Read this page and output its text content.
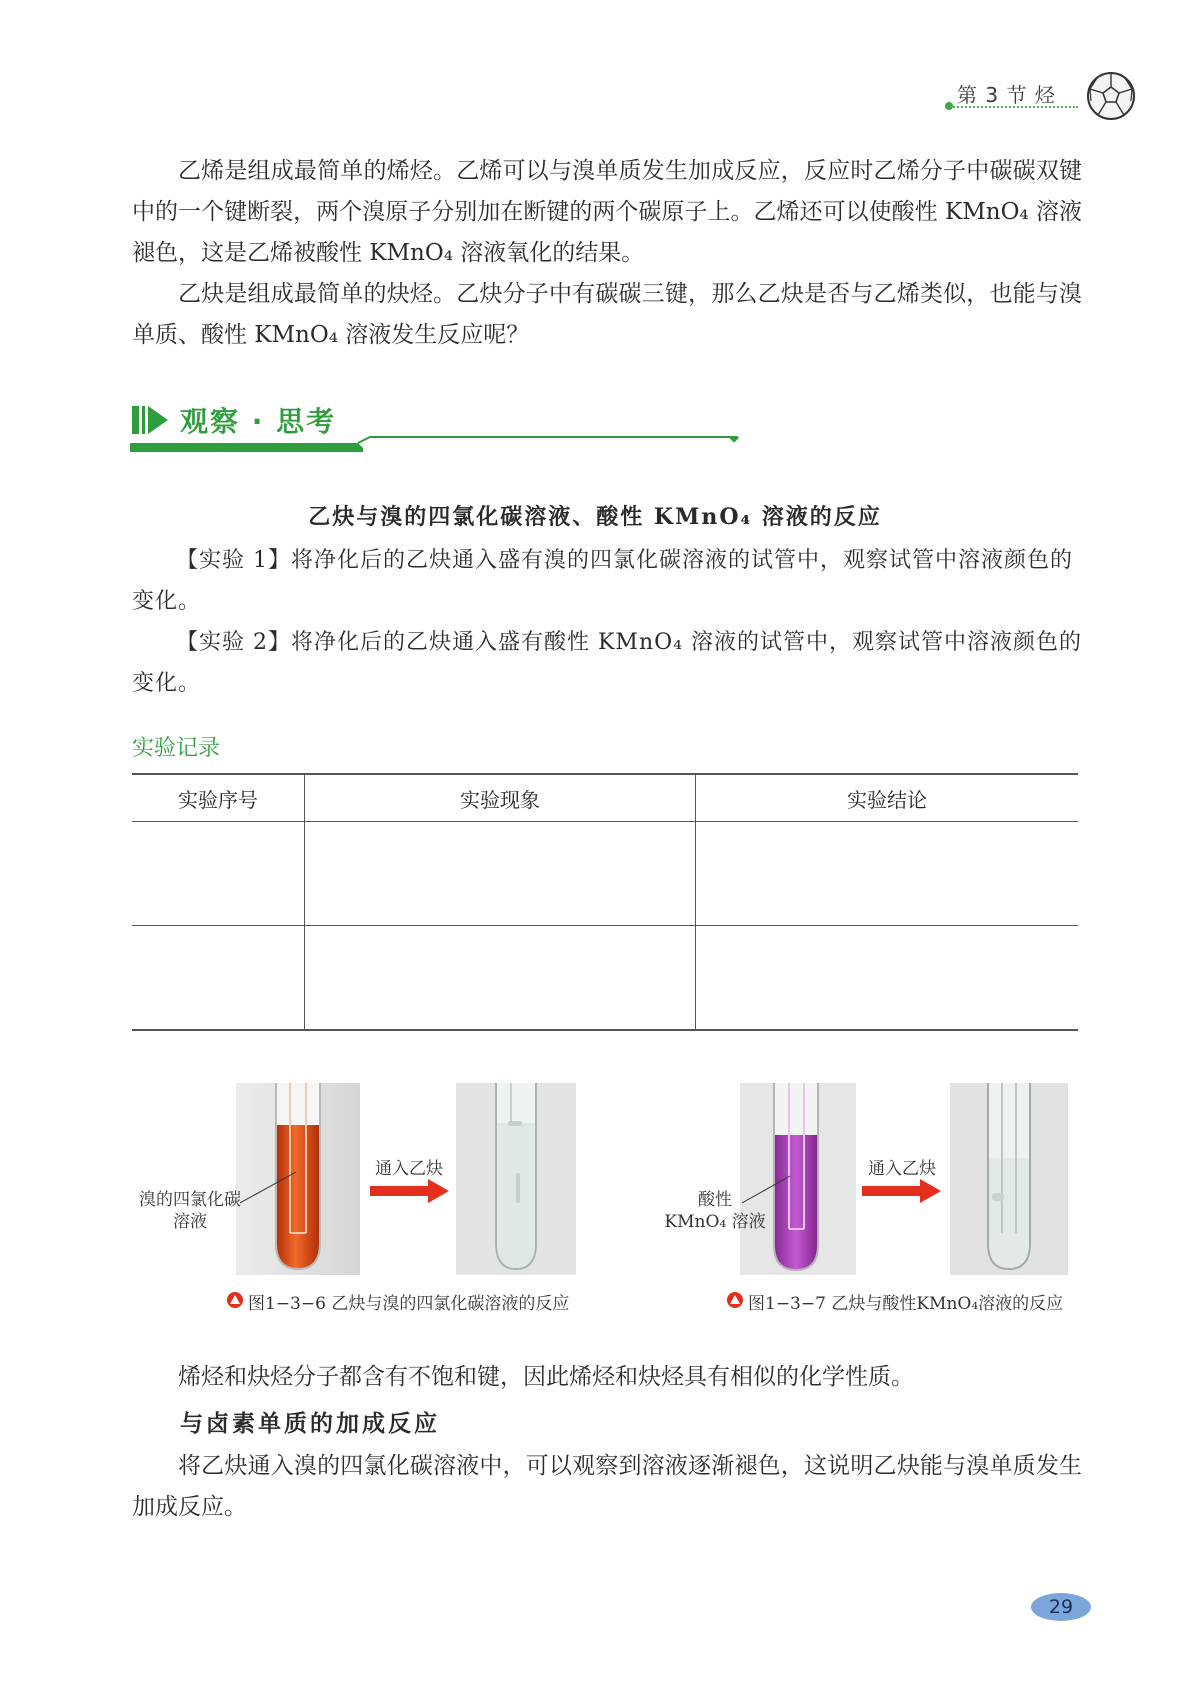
第 3 节 烃
乙烯是组成最简单的烯烃。乙烯可以与溴单质发生加成反应，反应时乙烯分子中碳碳双键中的一个键断裂，两个溴原子分别加在断键的两个碳原子上。乙烯还可以使酸性 KMnO₄ 溶液褪色，这是乙烯被酸性 KMnO₄ 溶液氧化的结果。
乙炔是组成最简单的炔烃。乙炔分子中有碳碳三键，那么乙炔是否与乙烯类似，也能与溴单质、酸性 KMnO₄ 溶液发生反应呢？
观察 · 思考
乙炔与溴的四氯化碳溶液、酸性 KMnO₄ 溶液的反应
【实验 1】将净化后的乙炔通入盛有溴的四氯化碳溶液的试管中，观察试管中溶液颜色的变化。
【实验 2】将净化后的乙炔通入盛有酸性 KMnO₄ 溶液的试管中，观察试管中溶液颜色的变化。
实验记录
实验序号	实验现象	实验结论

溴的四氯化碳
溶液
通入乙炔
图1−3−6 乙炔与溴的四氯化碳溶液的反应
酸性
KMnO₄ 溶液
通入乙炔
图1−3−7 乙炔与酸性KMnO₄溶液的反应
烯烃和炔烃分子都含有不饱和键，因此烯烃和炔烃具有相似的化学性质。
与卤素单质的加成反应
将乙炔通入溴的四氯化碳溶液中，可以观察到溶液逐渐褪色，这说明乙炔能与溴单质发生加成反应。
29
